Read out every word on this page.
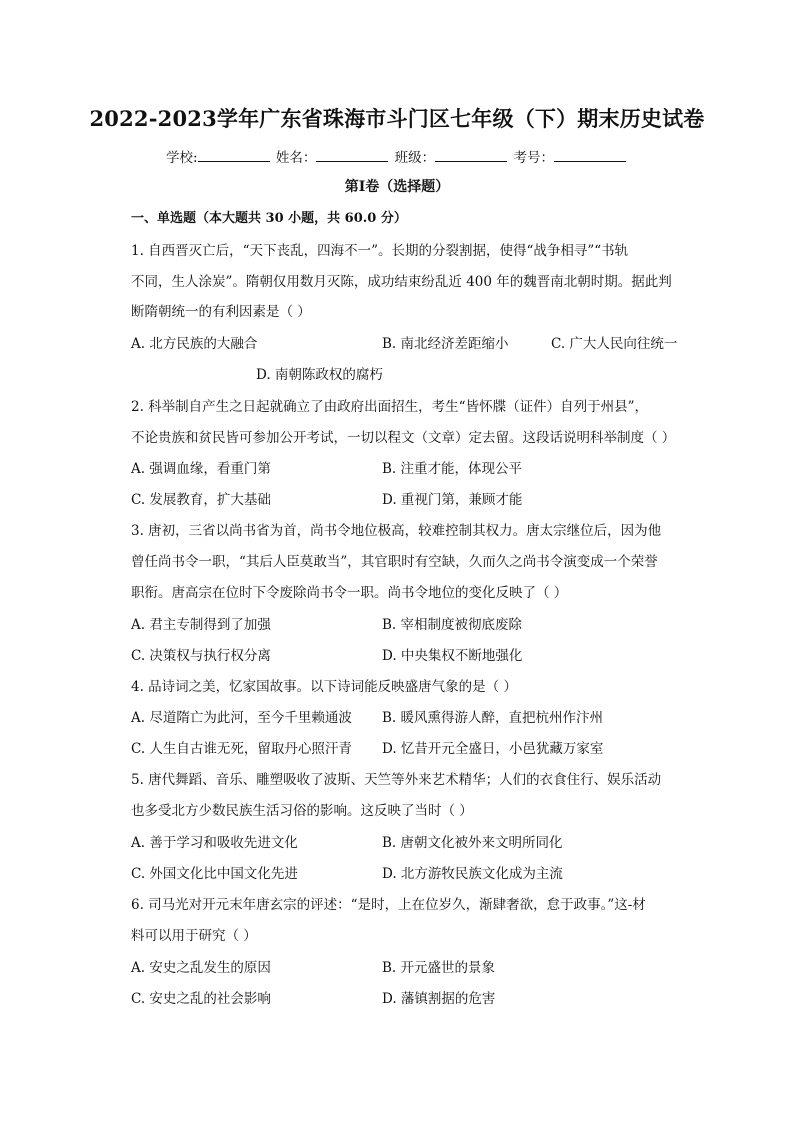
2022-2023学年广东省珠海市斗门区七年级（下）期末历史试卷
学校:	姓名：	班级：	考号：
第Ⅰ卷（选择题）
一、单选题（本大题共 30 小题，共 60.0 分）
1. 自西晋灭亡后，“天下丧乱，四海不一”。长期的分裂割据，使得“战争相寻”“书轨
不同，生人涂炭”。隋朝仅用数月灭陈，成功结束纷乱近 400 年的魏晋南北朝时期。据此判
断隋朝统一的有利因素是（ ）
A. 北方民族的大融合	B. 南北经济差距缩小	C. 广大人民向往统一
D. 南朝陈政权的腐朽
2. 科举制自产生之日起就确立了由政府出面招生，考生“皆怀牒（证件）自列于州县”，
不论贵族和贫民皆可参加公开考试，一切以程文（文章）定去留。这段话说明科举制度（ ）
A. 强调血缘，看重门第	B. 注重才能，体现公平
C. 发展教育，扩大基础	D. 重视门第，兼顾才能
3. 唐初，三省以尚书省为首，尚书令地位极高，较难控制其权力。唐太宗继位后，因为他
曾任尚书令一职，“其后人臣莫敢当”，其官职时有空缺，久而久之尚书令演变成一个荣誉
职衔。唐高宗在位时下令废除尚书令一职。尚书令地位的变化反映了（ ）
A. 君主专制得到了加强	B. 宰相制度被彻底废除
C. 决策权与执行权分离	D. 中央集权不断地强化
4. 品诗词之美，忆家国故事。以下诗词能反映盛唐气象的是（ ）
A. 尽道隋亡为此河，至今千里赖通波 B. 暖风熏得游人醉，直把杭州作汴州
C. 人生自古谁无死，留取丹心照汗青 D. 忆昔开元全盛日，小邑犹藏万家室
5. 唐代舞蹈、音乐、雕塑吸收了波斯、天竺等外来艺术精华；人们的衣食住行、娱乐活动
也多受北方少数民族生活习俗的影响。这反映了当时（ ）
A. 善于学习和吸收先进文化	B. 唐朝文化被外来文明所同化
C. 外国文化比中国文化先进	D. 北方游牧民族文化成为主流
6. 司马光对开元末年唐玄宗的评述：“是时，上在位岁久，渐肆奢欲，怠于政事。”这-材
料可以用于研究（ ）
A. 安史之乱发生的原因	B. 开元盛世的景象
C. 安史之乱的社会影响	D. 藩镇割据的危害
